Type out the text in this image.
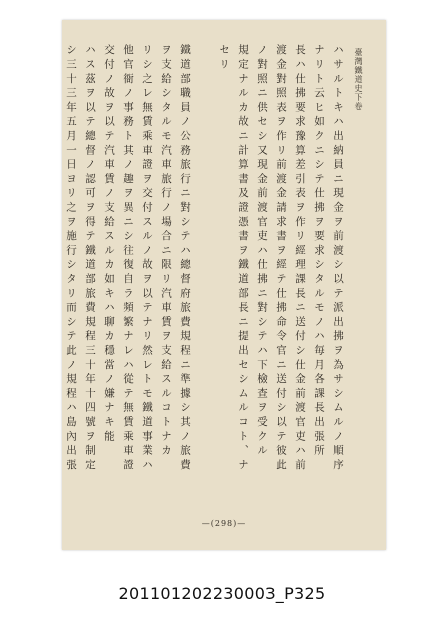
臺灣鐵道史下卷
ハサルトキハ出納員ニ現金ヲ前渡シ以テ派出拂ヲ為サシムルノ順序
ナリト云ヒ如クニシテ仕拂ヲ要求シタルモノハ毎月各課長出張所
長ハ仕拂要求豫算差引表ヲ作リ經理課長ニ送付シ仕金前渡官吏ハ前
渡金對照表ヲ作リ前渡金請求書ヲ經テ仕拂命令官ニ送付シ以テ彼此
ノ對照ニ供セシ又現金前渡官吏ハ仕拂ニ對シテハ下檢查ヲ受クル
規定ナルカ故ニ計算書及證憑書ヲ鐵道部長ニ提出セシムルコト、ナ
セリ
鐵道部職員ノ公務旅行ニ對シテハ總督府旅費規程ニ準據シ其ノ旅費
ヲ支給シタルモ汽車旅行ノ場合ニ限リ汽車賃ヲ支給スルコトナカ
リシ之レ無賃乘車證ヲ交付スルノ故ヲ以テナリ然レトモ鐵道事業ハ
他官衙ノ事務ト其ノ趣ヲ異ニシ往復自ラ頻繁ナレハ從テ無賃乘車證
交付ノ故ヲ以テ汽車賃ノ支給スルカ如キハ聊カ穩當ノ嫌ナキ能
ハス茲ヲ以テ總督ノ認可ヲ得テ鐵道部旅費規程三十年十四號ヲ制定
シ三十三年五月一日ヨリ之ヲ施行シタリ而シテ此ノ規程ハ島內出張
—(298)—
20110120223000З_P325
